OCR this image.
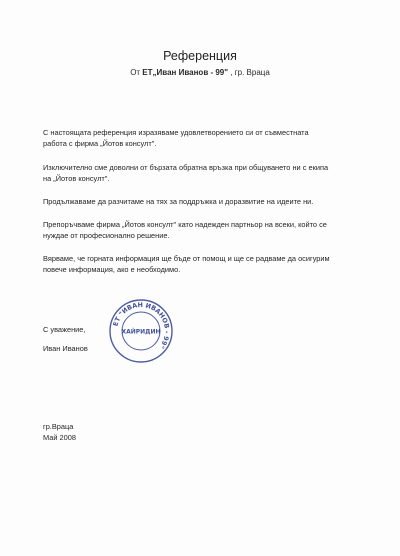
Референция
От ЕТ„Иван Иванов - 99" , гр. Враца

С настоящата референция изразяваме удовлетворението си от съвместната

работа с фирма „Йотов консулт".

Изключително сме доволни от бързата обратна връзка при общуването ни с екипа

на „Йотов консулт".

Продължаваме да разчитаме на тях за поддръжка и доразвитие на идеите ни.

Препоръчваме фирма „Йотов консулт" като надежден партньор на всеки, който се

нуждае от професионално решение.

Вярваме, че горната информация ще бъде от помощ и ще се радваме да осигурим

повече информация, ако е необходимо.

С уважение,
Иван Иванов
ЕТ "ИВАН ИВАНОВ - 99"
ХАЙРИДИН
гр.Враца
Май 2008
